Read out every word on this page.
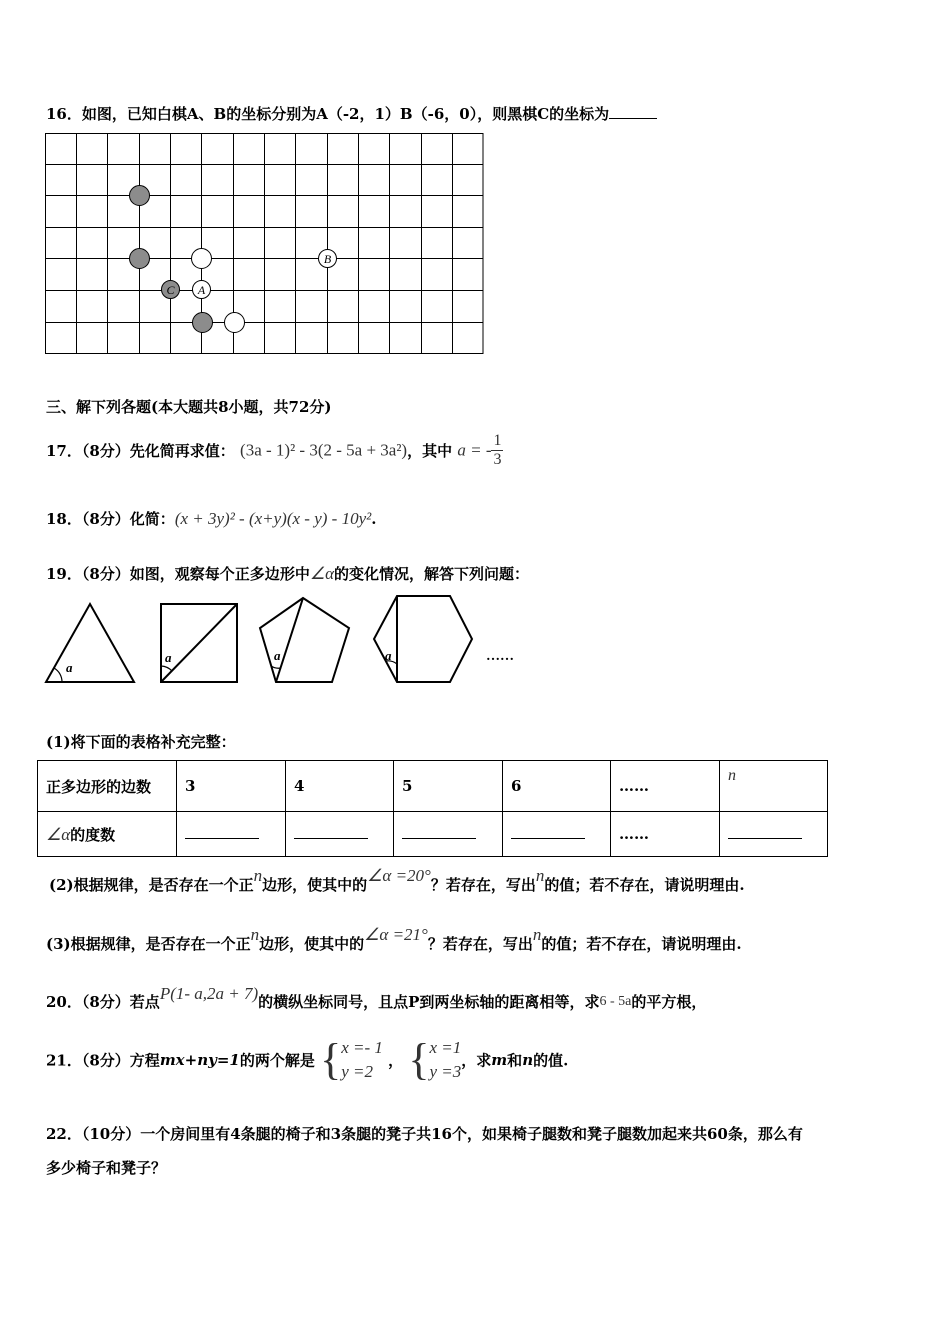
16．如图，已知白棋A、B的坐标分别为A（-2，1）B（-6，0），则黑棋C的坐标为
B
C A
三、解下列各题(本大题共8小题，共72分)
17．（8分）先化简再求值： (3a - 1)² - 3(2 - 5a + 3a²)，其中 a = - $\frac{1}{3}$
18．（8分）化简：(x + 3y)² - (x+y)(x - y) - 10y².
19．（8分）如图，观察每个正多边形中∠α的变化情况，解答下列问题：
a
a	a	a	……
(1)将下面的表格补充完整：
正多边形的边数	3	4	5	6	……	n
∠α的度数					……	
(2)根据规律，是否存在一个正n边形，使其中的∠α =20°？若存在，写出n的值；若不存在，请说明理由.
(3)根据规律，是否存在一个正n边形，使其中的∠α =21°？若存在，写出n的值；若不存在，请说明理由.
20．（8分）若点P(1- a,2a + 7)的横纵坐标同号，且点P到两坐标轴的距离相等，求6 - 5a的平方根，
21．（8分）方程mx+ny=1的两个解是 { x =- 1
y =2
， { x =1
y =3
，求m和n的值.
22．（10分）一个房间里有4条腿的椅子和3条腿的凳子共16个，如果椅子腿数和凳子腿数加起来共60条，那么有
多少椅子和凳子？
